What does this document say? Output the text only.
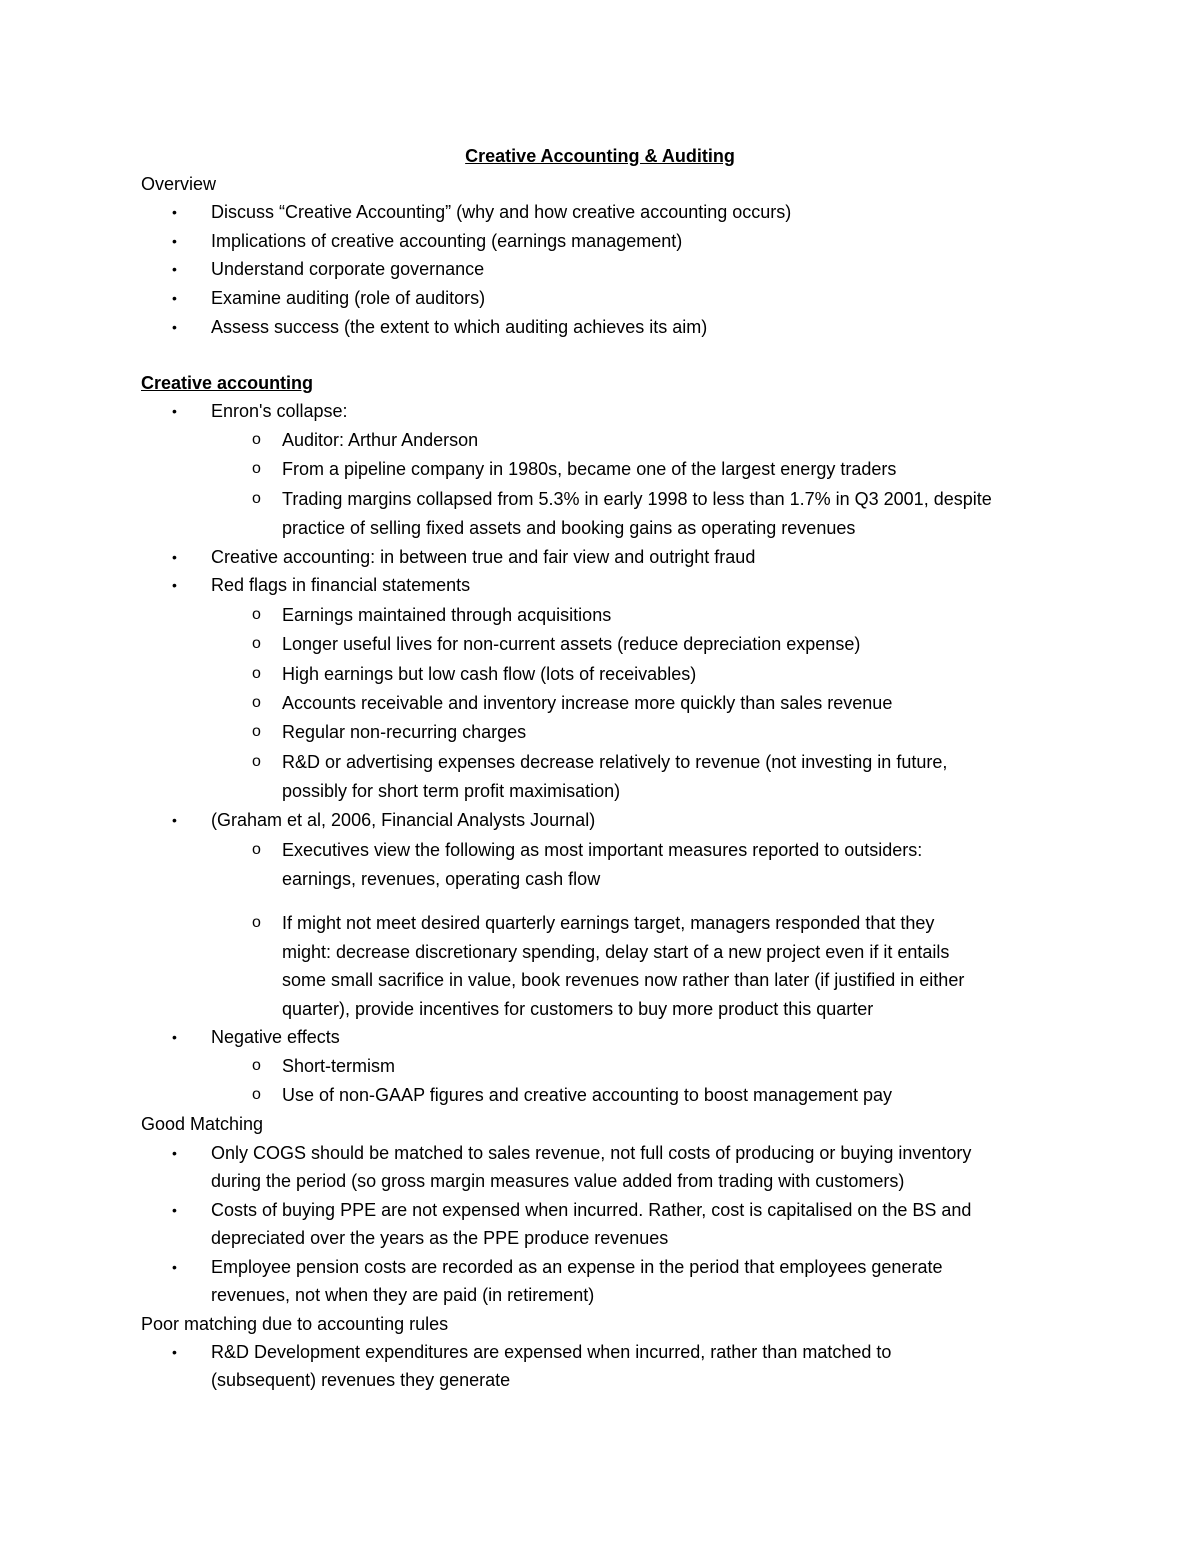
Creative Accounting & Auditing
Overview
• Discuss “Creative Accounting” (why and how creative accounting occurs)
• Implications of creative accounting (earnings management)
• Understand corporate governance
• Examine auditing (role of auditors)
• Assess success (the extent to which auditing achieves its aim)
Creative accounting
• Enron's collapse:
o Auditor: Arthur Anderson
o From a pipeline company in 1980s, became one of the largest energy traders
o Trading margins collapsed from 5.3% in early 1998 to less than 1.7% in Q3 2001, despite
practice of selling fixed assets and booking gains as operating revenues
• Creative accounting: in between true and fair view and outright fraud
• Red flags in financial statements
o Earnings maintained through acquisitions
o Longer useful lives for non-current assets (reduce depreciation expense)
o High earnings but low cash flow (lots of receivables)
o Accounts receivable and inventory increase more quickly than sales revenue
o Regular non-recurring charges
o R&D or advertising expenses decrease relatively to revenue (not investing in future,
possibly for short term profit maximisation)
• (Graham et al, 2006, Financial Analysts Journal)
o Executives view the following as most important measures reported to outsiders:
earnings, revenues, operating cash flow
o If might not meet desired quarterly earnings target, managers responded that they
might: decrease discretionary spending, delay start of a new project even if it entails
some small sacrifice in value, book revenues now rather than later (if justified in either
quarter), provide incentives for customers to buy more product this quarter
• Negative effects
o Short-termism
o Use of non-GAAP figures and creative accounting to boost management pay
Good Matching
• Only COGS should be matched to sales revenue, not full costs of producing or buying inventory
during the period (so gross margin measures value added from trading with customers)
• Costs of buying PPE are not expensed when incurred. Rather, cost is capitalised on the BS and
depreciated over the years as the PPE produce revenues
• Employee pension costs are recorded as an expense in the period that employees generate
revenues, not when they are paid (in retirement)
Poor matching due to accounting rules
• R&D Development expenditures are expensed when incurred, rather than matched to
(subsequent) revenues they generate
